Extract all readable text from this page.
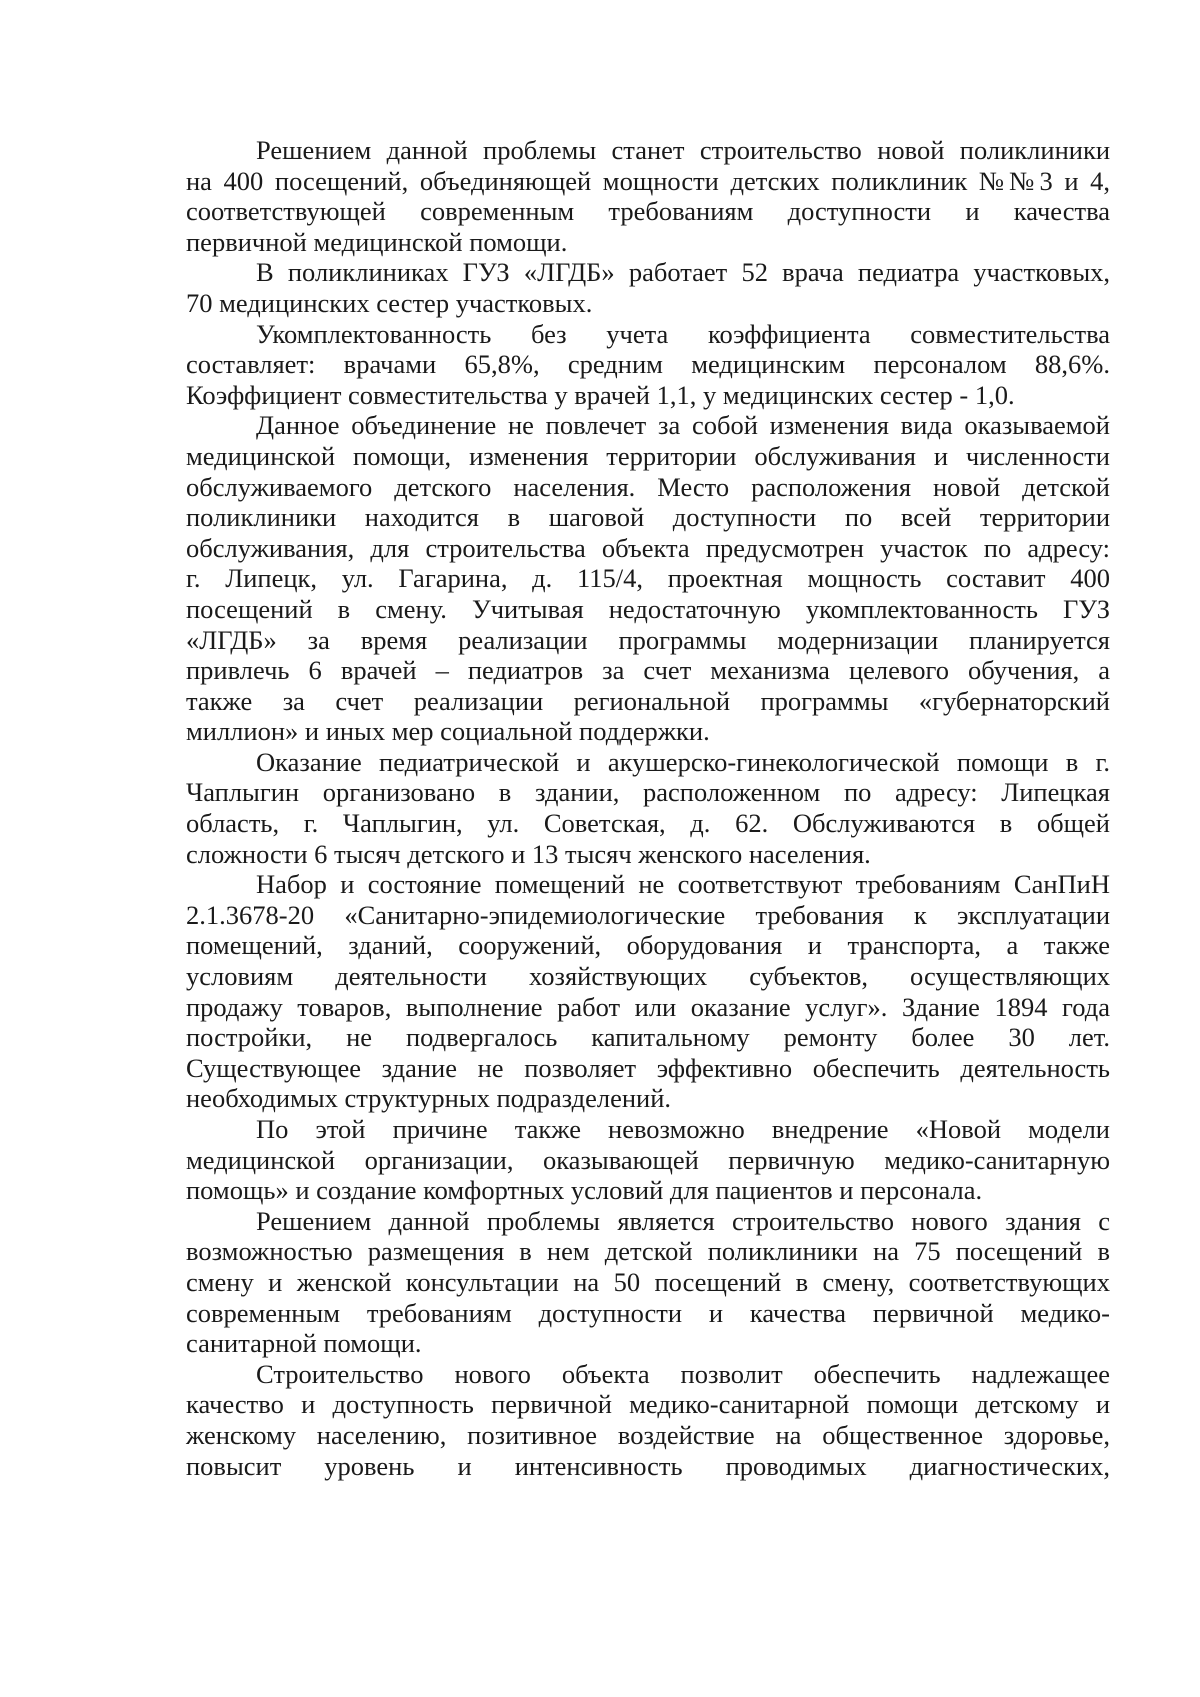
Решением данной проблемы станет строительство новой поликлиники
на 400 посещений, объединяющей мощности детских поликлиник №№3 и 4,
соответствующей современным требованиям доступности и качества
первичной медицинской помощи.
В поликлиниках ГУЗ «ЛГДБ» работает 52 врача педиатра участковых,
70 медицинских сестер участковых.
Укомплектованность без учета коэффициента совместительства
составляет: врачами 65,8%, средним медицинским персоналом 88,6%.
Коэффициент совместительства у врачей 1,1, у медицинских сестер - 1,0.
Данное объединение не повлечет за собой изменения вида оказываемой
медицинской помощи, изменения территории обслуживания и численности
обслуживаемого детского населения. Место расположения новой детской
поликлиники находится в шаговой доступности по всей территории
обслуживания, для строительства объекта предусмотрен участок по адресу:
г. Липецк, ул. Гагарина, д. 115/4, проектная мощность составит 400
посещений в смену. Учитывая недостаточную укомплектованность ГУЗ
«ЛГДБ» за время реализации программы модернизации планируется
привлечь 6 врачей – педиатров за счет механизма целевого обучения, а
также за счет реализации региональной программы «губернаторский
миллион» и иных мер социальной поддержки.
Оказание педиатрической и акушерско-гинекологической помощи в г.
Чаплыгин организовано в здании, расположенном по адресу: Липецкая
область, г. Чаплыгин, ул. Советская, д. 62. Обслуживаются в общей
сложности 6 тысяч детского и 13 тысяч женского населения.
Набор и состояние помещений не соответствуют требованиям СанПиН
2.1.3678-20 «Санитарно-эпидемиологические требования к эксплуатации
помещений, зданий, сооружений, оборудования и транспорта, а также
условиям деятельности хозяйствующих субъектов, осуществляющих
продажу товаров, выполнение работ или оказание услуг». Здание 1894 года
постройки, не подвергалось капитальному ремонту более 30 лет.
Существующее здание не позволяет эффективно обеспечить деятельность
необходимых структурных подразделений.
По этой причине также невозможно внедрение «Новой модели
медицинской организации, оказывающей первичную медико-санитарную
помощь» и создание комфортных условий для пациентов и персонала.
Решением данной проблемы является строительство нового здания с
возможностью размещения в нем детской поликлиники на 75 посещений в
смену и женской консультации на 50 посещений в смену, соответствующих
современным требованиям доступности и качества первичной медико-
санитарной помощи.
Строительство нового объекта позволит обеспечить надлежащее
качество и доступность первичной медико-санитарной помощи детскому и
женскому населению, позитивное воздействие на общественное здоровье,
повысит уровень и интенсивность проводимых диагностических,
